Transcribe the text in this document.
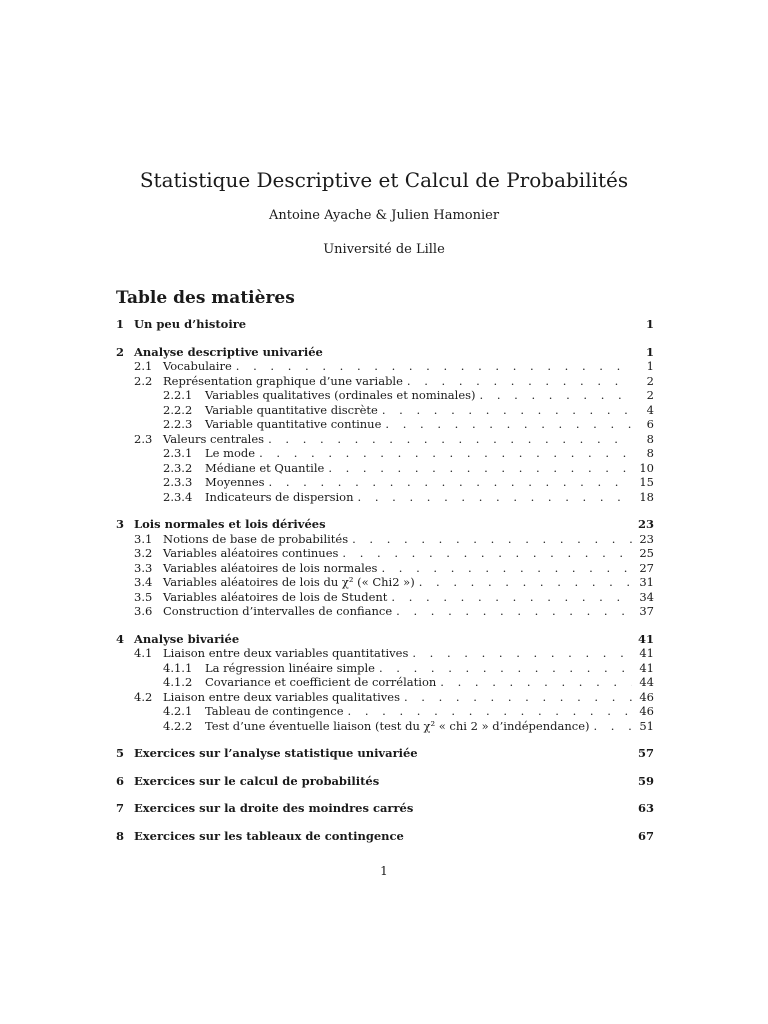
Statistique Descriptive et Calcul de Probabilités
Antoine Ayache & Julien Hamonier
Université de Lille
Table des matières
1 Un peu d’histoire	1
2 Analyse descriptive univariée	1
2.1 Vocabulaire . . .	1
2.2 Représentation graphique d’une variable . . .	2
2.2.1	Variables qualitatives (ordinales et nominales) . . .	2
2.2.2	Variable quantitative discrète . . .	4
2.2.3	Variable quantitative continue . . .	6
2.3 Valeurs centrales . . .	8
2.3.1	Le mode . . .	8
2.3.2	Médiane et Quantile . . .	10
2.3.3	Moyennes . . .	15
2.3.4	Indicateurs de dispersion . . .	18
3 Lois normales et lois dérivées	23
3.1 Notions de base de probabilités . . .	23
3.2 Variables aléatoires continues . . .	25
3.3 Variables aléatoires de lois normales . . .	27
3.4 Variables aléatoires de lois du χ² (« Chi2 ») . . .	31
3.5 Variables aléatoires de lois de Student . . .	34
3.6 Construction d’intervalles de confiance . . .	37
4 Analyse bivariée	41
4.1 Liaison entre deux variables quantitatives . . .	41
4.1.1	La régression linéaire simple . . .	41
4.1.2	Covariance et coefficient de corrélation . . .	44
4.2 Liaison entre deux variables qualitatives . . .	46
4.2.1	Tableau de contingence . . .	46
4.2.2	Test d’une éventuelle liaison (test du χ² « chi 2 » d’indépendance) . . .	51
5 Exercices sur l’analyse statistique univariée	57
6 Exercices sur le calcul de probabilités	59
7 Exercices sur la droite des moindres carrés	63
8 Exercices sur les tableaux de contingence	67
1
